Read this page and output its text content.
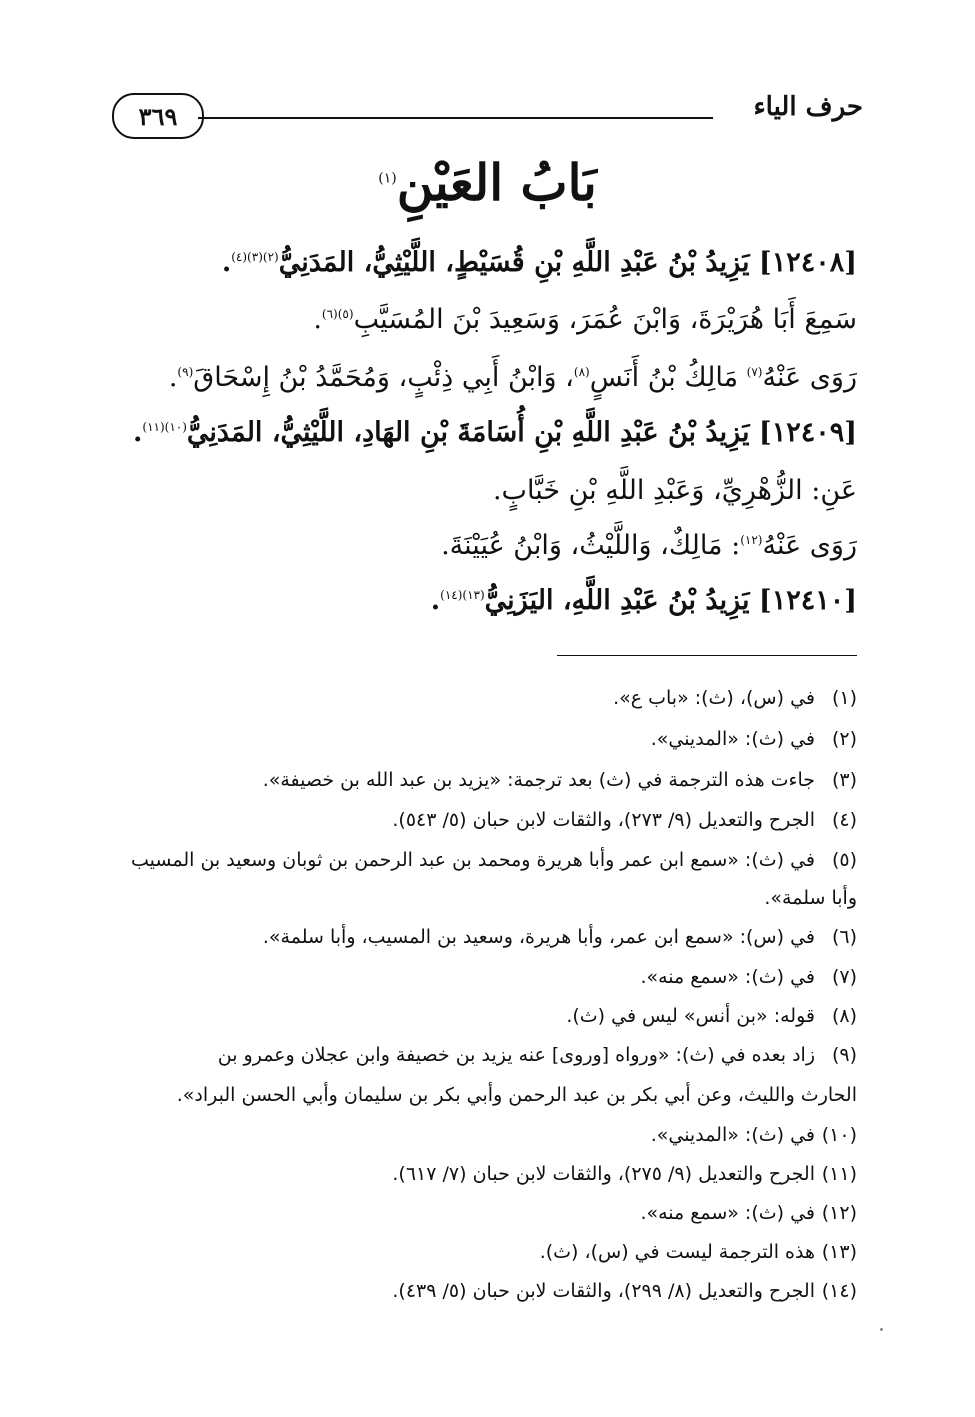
حرف الياء
٣٦٩
بَابُ العَيْنِ$^{(١)}$
[١٢٤٠٨] يَزِيدُ بْنُ عَبْدِ اللَّهِ بْنِ قُسَيْطٍ، اللَّيْثِيُّ، المَدَنِيُّ$^{(٢)(٣)(٤)}$.
سَمِعَ أَبَا هُرَيْرَةَ، وَابْنَ عُمَرَ، وَسَعِيدَ بْنَ المُسَيَّبِ$^{(٥)(٦)}$.
رَوَى عَنْهُ$^{(٧)}$ مَالِكُ بْنُ أَنَسٍ$^{(٨)}$، وَابْنُ أَبِي ذِئْبٍ، وَمُحَمَّدُ بْنُ إِسْحَاقَ$^{(٩)}$.
[١٢٤٠٩] يَزِيدُ بْنُ عَبْدِ اللَّهِ بْنِ أُسَامَةَ بْنِ الهَادِ، اللَّيْثِيُّ، المَدَنِيُّ$^{(١٠)(١١)}$.
عَنِ: الزُّهْرِيِّ، وَعَبْدِ اللَّهِ بْنِ خَبَّابٍ.
رَوَى عَنْهُ$^{(١٢)}$: مَالِكٌ، وَاللَّيْثُ، وَابْنُ عُيَيْنَةَ.
[١٢٤١٠] يَزِيدُ بْنُ عَبْدِ اللَّهِ، اليَزَنِيُّ$^{(١٣)(١٤)}$.
(١)في (س)، (ث): «باب ع».
(٢)في (ث): «المديني».
(٣)جاءت هذه الترجمة في (ث) بعد ترجمة: «يزيد بن عبد الله بن خصيفة».
(٤)الجرح والتعديل (٩/ ٢٧٣)، والثقات لابن حبان (٥/ ٥٤٣).
(٥)في (ث): «سمع ابن عمر وأبا هريرة ومحمد بن عبد الرحمن بن ثوبان وسعيد بن المسيب
وأبا سلمة».
(٦)في (س): «سمع ابن عمر، وأبا هريرة، وسعيد بن المسيب، وأبا سلمة».
(٧)في (ث): «سمع منه».
(٨)قوله: «بن أنس» ليس في (ث).
(٩)زاد بعده في (ث): «ورواه [وروى] عنه يزيد بن خصيفة وابن عجلان وعمرو بن
الحارث والليث، وعن أبي بكر بن عبد الرحمن وأبي بكر بن سليمان وأبي الحسن البراد».
(١٠)في (ث): «المديني».
(١١)الجرح والتعديل (٩/ ٢٧٥)، والثقات لابن حبان (٧/ ٦١٧).
(١٢)في (ث): «سمع منه».
(١٣)هذه الترجمة ليست في (س)، (ث).
(١٤)الجرح والتعديل (٨/ ٢٩٩)، والثقات لابن حبان (٥/ ٤٣٩).
